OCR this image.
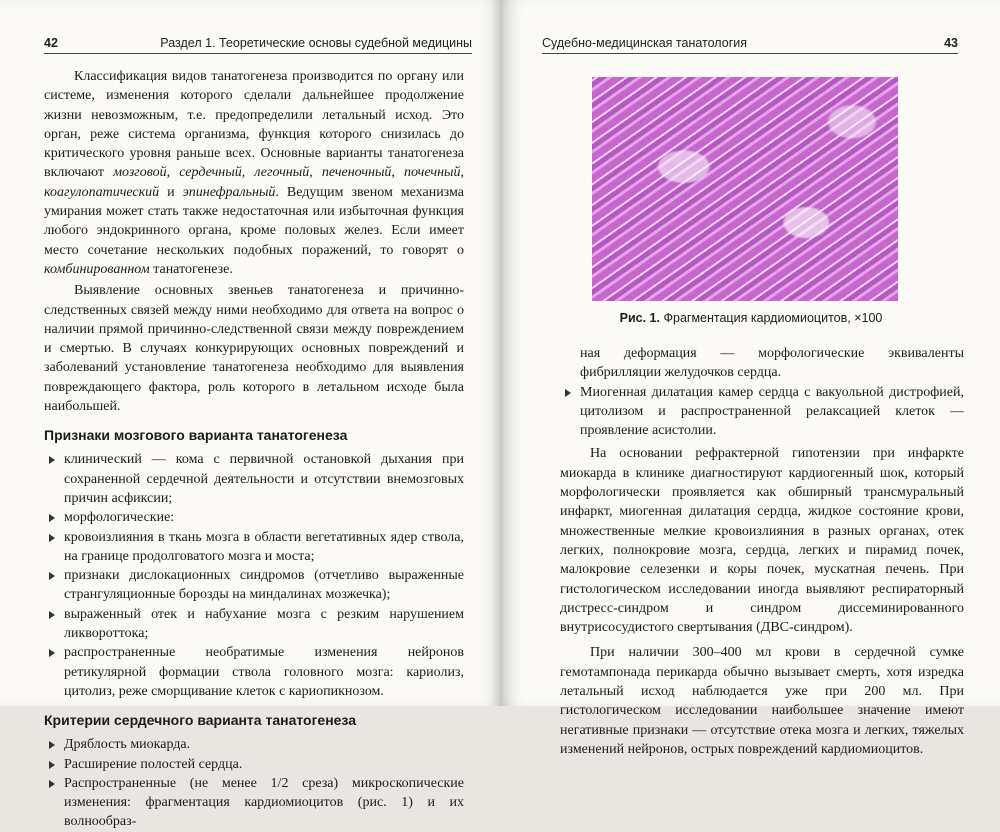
42	Раздел 1. Теоретические основы судебной медицины

Классификация видов танатогенеза производится по органу или системе, изменения которого сделали дальнейшее продолжение жизни невозможным, т.е. предопределили летальный исход. Это орган, реже система организма, функция которого снизилась до критического уровня раньше всех. Основные варианты танатогенеза включают мозговой, сердечный, легочный, печеночный, почечный, коагулопатический и эпинефральный. Ведущим звеном механизма умирания может стать также недостаточная или избыточная функция любого эндокринного органа, кроме половых желез. Если имеет место сочетание нескольких подобных поражений, то говорят о комбинированном танатогенезе.

Выявление основных звеньев танатогенеза и причинно-следственных связей между ними необходимо для ответа на вопрос о наличии прямой причинно-следственной связи между повреждением и смертью. В случаях конкурирующих основных повреждений и заболеваний установление танатогенеза необходимо для выявления повреждающего фактора, роль которого в летальном исходе была наибольшей.

Признаки мозгового варианта танатогенеза
клинический — кома с первичной остановкой дыхания при сохраненной сердечной деятельности и отсутствии внемозговых причин асфиксии;
морфологические:
кровоизлияния в ткань мозга в области вегетативных ядер ствола, на границе продолговатого мозга и моста;
признаки дислокационных синдромов (отчетливо выраженные странгуляционные борозды на миндалинах мозжечка);
выраженный отек и набухание мозга с резким нарушением ликвороттока;
распространенные необратимые изменения нейронов ретикулярной формации ствола головного мозга: кариолиз, цитолиз, реже сморщивание клеток с кариопикнозом.
Критерии сердечного варианта танатогенеза
Дряблость миокарда.
Расширение полостей сердца.
Распространенные (не менее 1/2 среза) микроскопические изменения: фрагментация кардиомиоцитов (рис. 1) и их волнообраз-
Судебно-медицинская танатология	43
Рис. 1. Фрагментация кардиомиоцитов, ×100
ная деформация — морфологические эквиваленты фибрилляции желудочков сердца.
Миогенная дилатация камер сердца с вакуольной дистрофией, цитолизом и распространенной релаксацией клеток — проявление асистолии.

На основании рефрактерной гипотензии при инфаркте миокарда в клинике диагностируют кардиогенный шок, который морфологически проявляется как обширный трансмуральный инфаркт, миогенная дилатация сердца, жидкое состояние крови, множественные мелкие кровоизлияния в разных органах, отек легких, полнокровие мозга, сердца, легких и пирамид почек, малокровие селезенки и коры почек, мускатная печень. При гистологическом исследовании иногда выявляют респираторный дистресс-синдром и синдром диссеминированного внутрисосудистого свертывания (ДВС-синдром).

При наличии 300–400 мл крови в сердечной сумке гемотампонада перикарда обычно вызывает смерть, хотя изредка летальный исход наблюдается уже при 200 мл. При гистологическом исследовании наибольшее значение имеют негативные признаки — отсутствие отека мозга и легких, тяжелых изменений нейронов, острых повреждений кардиомиоцитов.
